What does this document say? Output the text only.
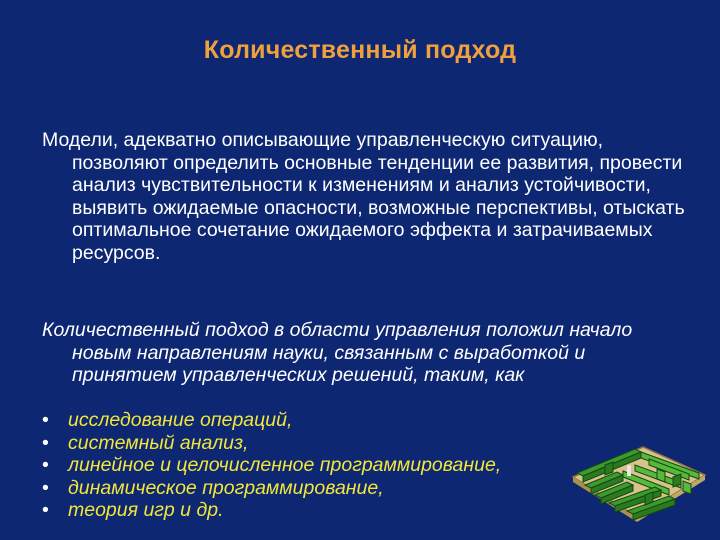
Количественный подход
Модели, адекватно описывающие управленческую ситуацию, позволяют определить основные тенденции ее развития, провести анализ чувствительности к изменениям и анализ устойчивости, выявить ожидаемые опасности, возможные перспективы, отыскать оптимальное сочетание ожидаемого эффекта и затрачиваемых ресурсов.
Количественный подход в области управления положил начало новым направлениям науки, связанным с выработкой и принятием управленческих решений, таким, как
• исследование операций,
• системный анализ,
• линейное и целочисленное программирование,
• динамическое программирование,
• теория игр и др.
